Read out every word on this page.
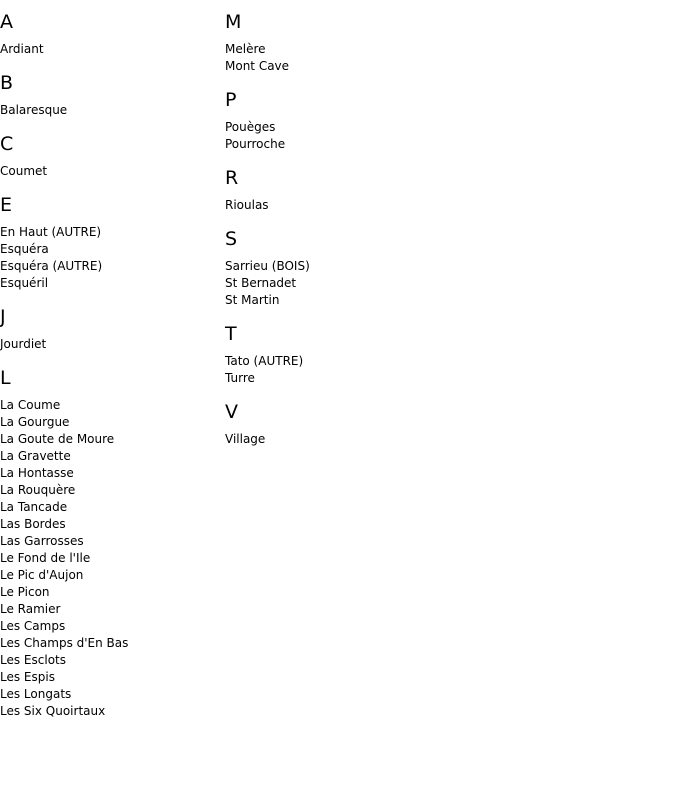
A
Ardiant
B
Balaresque
C
Coumet
E
En Haut (AUTRE)
Esquéra
Esquéra (AUTRE)
Esquéril
J
Jourdiet
L
La Coume
La Gourgue
La Goute de Moure
La Gravette
La Hontasse
La Rouquère
La Tancade
Las Bordes
Las Garrosses
Le Fond de l'Ile
Le Pic d'Aujon
Le Picon
Le Ramier
Les Camps
Les Champs d'En Bas
Les Esclots
Les Espis
Les Longats
Les Six Quoirtaux
M
Melère
Mont Cave
P
Pouèges
Pourroche
R
Rioulas
S
Sarrieu (BOIS)
St Bernadet
St Martin
T
Tato (AUTRE)
Turre
V
Village
